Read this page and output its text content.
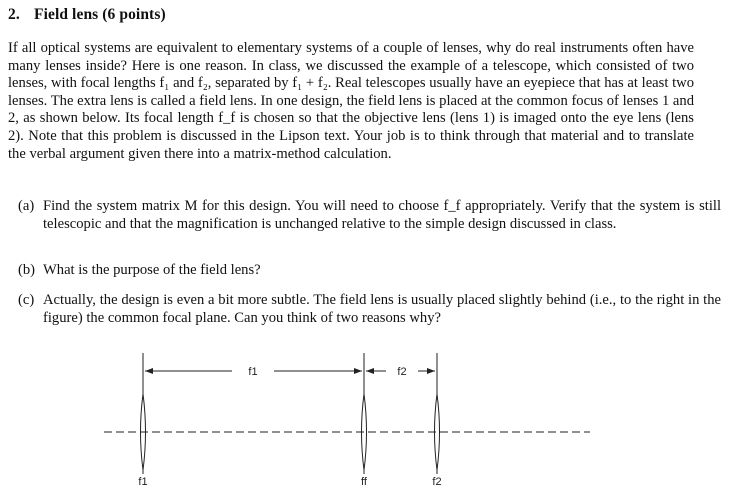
2. Field lens (6 points)

If all optical systems are equivalent to elementary systems of a couple of lenses, why do real instruments often have many lenses inside? Here is one reason. In class, we discussed the example of a telescope, which consisted of two lenses, with focal lengths f₁ and f₂, separated by f₁ + f₂. Real telescopes usually have an eyepiece that has at least two lenses. The extra lens is called a field lens. In one design, the field lens is placed at the common focus of lenses 1 and 2, as shown below. Its focal length f_f is chosen so that the objective lens (lens 1) is imaged onto the eye lens (lens 2). Note that this problem is discussed in the Lipson text. Your job is to think through that material and to translate the verbal argument given there into a matrix-method calculation.

(a) Find the system matrix M for this design. You will need to choose f_f appropriately. Verify that the system is still telescopic and that the magnification is unchanged relative to the simple design discussed in class.

(b) What is the purpose of the field lens?

(c) Actually, the design is even a bit more subtle. The field lens is usually placed slightly behind (i.e., to the right in the figure) the common focal plane. Can you think of two reasons why?

f1	f2
f1	ff	f2
